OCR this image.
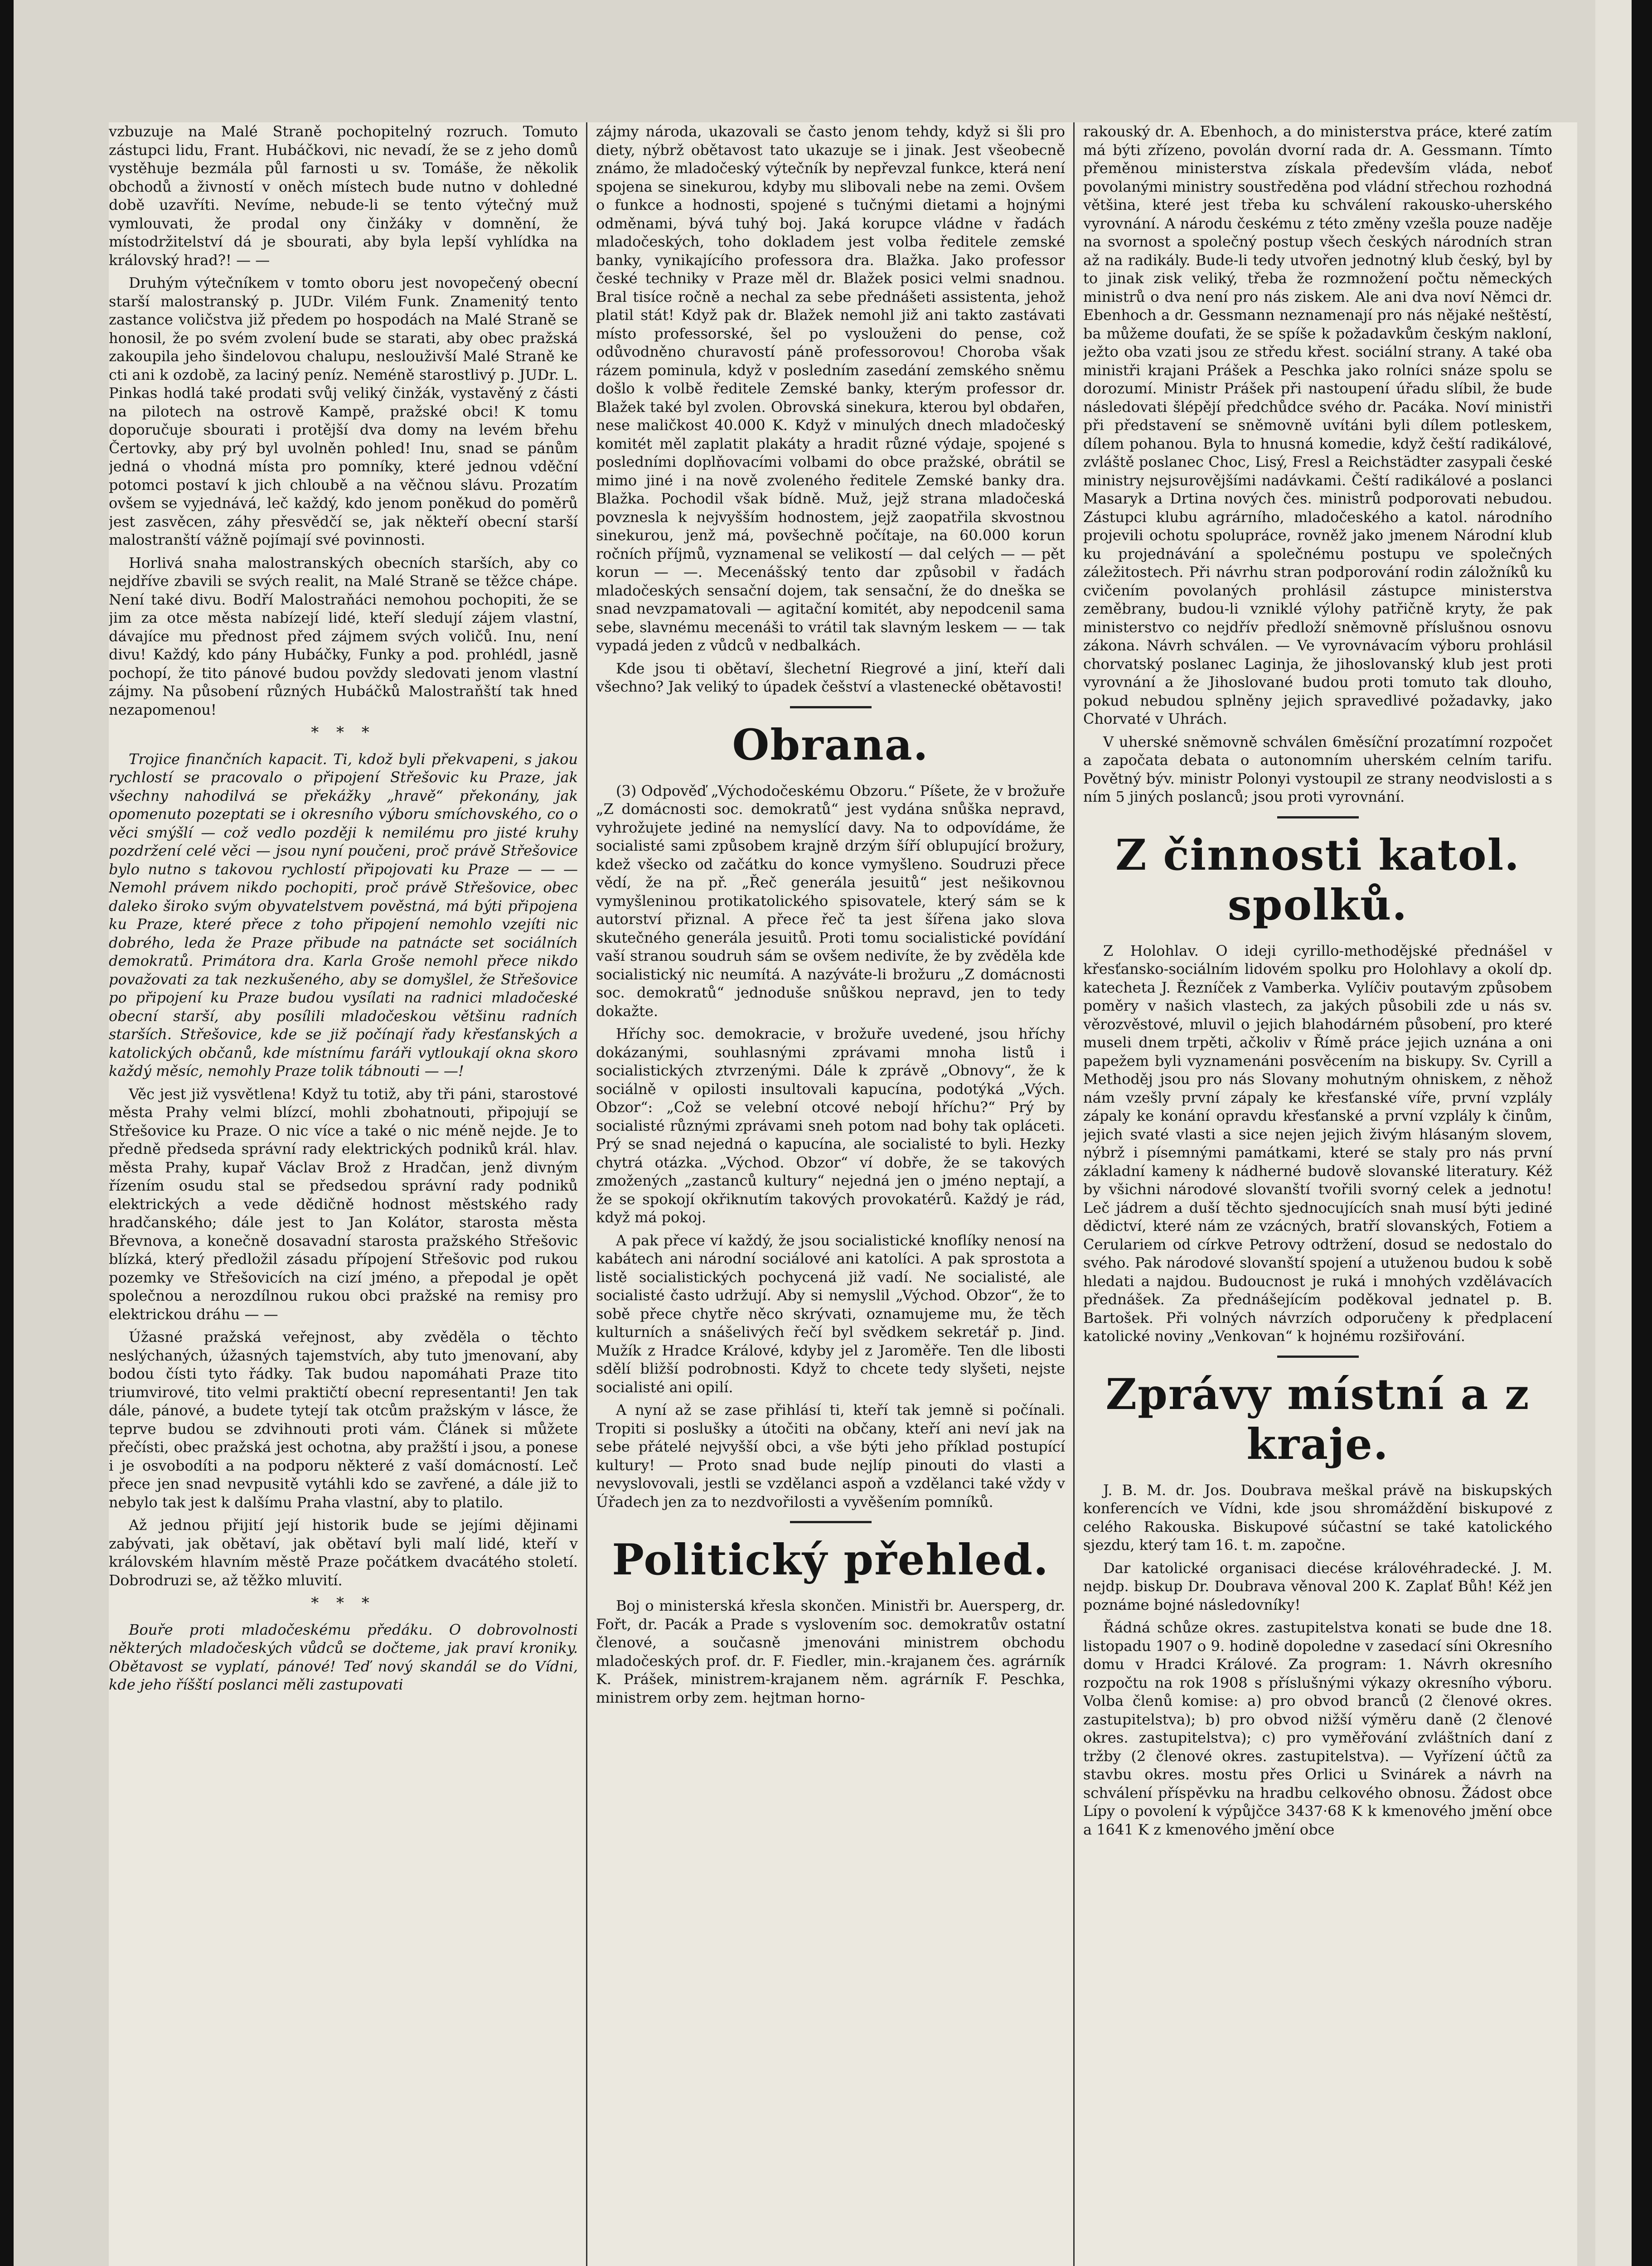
vzbuzuje na Malé Straně pochopitelný rozruch. Tomuto zástupci lidu, Frant. Hubáčkovi, nic nevadí, že se z jeho domů vystěhuje bezmála půl farnosti u sv. Tomáše, že několik obchodů a živností v oněch místech bude nutno v dohledné době uzavříti. Nevíme, nebude-li se tento výtečný muž vymlouvati, že prodal ony činžáky v domnění, že místodržitelství dá je sbourati, aby byla lepší vyhlídka na královský hrad?! — —

Druhým výtečníkem v tomto oboru jest novopečený obecní starší malostranský p. JUDr. Vilém Funk. Znamenitý tento zastance voličstva již předem po hospodách na Malé Straně se honosil, že po svém zvolení bude se starati, aby obec pražská zakoupila jeho šindelovou chalupu, neslouživší Malé Straně ke cti ani k ozdobě, za laciný peníz. Neméně starostlivý p. JUDr. L. Pinkas hodlá také prodati svůj veliký činžák, vystavěný z části na pilotech na ostrově Kampě, pražské obci! K tomu doporučuje sbourati i protější dva domy na levém břehu Čertovky, aby prý byl uvolněn pohled! Inu, snad se pánům jedná o vhodná místa pro pomníky, které jednou vděční potomci postaví k jich chloubě a na věčnou slávu. Prozatím ovšem se vyjednává, leč každý, kdo jenom poněkud do poměrů jest zasvěcen, záhy přesvědčí se, jak někteří obecní starší malostranští vážně pojímají své povinnosti.

Horlivá snaha malostranských obecních starších, aby co nejdříve zbavili se svých realit, na Malé Straně se těžce chápe. Není také divu. Bodří Malostraňáci nemohou pochopiti, že se jim za otce města nabízejí lidé, kteří sledují zájem vlastní, dávajíce mu přednost před zájmem svých voličů. Inu, není divu! Každý, kdo pány Hubáčky, Funky a pod. prohlédl, jasně pochopí, že tito pánové budou povždy sledovati jenom vlastní zájmy. Na působení různých Hubáčků Malostraňští tak hned nezapomenou!

* * *

Trojice finančních kapacit. Ti, kdož byli překvapeni, s jakou rychlostí se pracovalo o připojení Střešovic ku Praze, jak všechny nahodilvá se překážky „hravě“ překonány, jak opomenuto pozeptati se i okresního výboru smíchovského, co o věci smýšlí — což vedlo později k nemilému pro jisté kruhy pozdržení celé věci — jsou nyní poučeni, proč právě Střešovice bylo nutno s takovou rychlostí připojovati ku Praze — — — Nemohl právem nikdo pochopiti, proč právě Střešovice, obec daleko široko svým obyvatelstvem pověstná, má býti připojena ku Praze, které přece z toho připojení nemohlo vzejíti nic dobrého, leda že Praze přibude na patnácte set sociálních demokratů. Primátora dra. Karla Groše nemohl přece nikdo považovati za tak nezkušeného, aby se domyšlel, že Střešovice po připojení ku Praze budou vysílati na radnici mladočeské obecní starší, aby posílili mladočeskou většinu radních starších. Střešovice, kde se již počínají řady křesťanských a katolických občanů, kde místnímu faráři vytloukají okna skoro každý měsíc, nemohly Praze tolik tábnouti — —!

Věc jest již vysvětlena! Když tu totiž, aby tři páni, starostové města Prahy velmi blízcí, mohli zbohatnouti, připojují se Střešovice ku Praze. O nic více a také o nic méně nejde. Je to předně předseda správní rady elektrických podniků král. hlav. města Prahy, kupař Václav Brož z Hradčan, jenž divným řízením osudu stal se předsedou správní rady podniků elektrických a vede dědičně hodnost městského rady hradčanského; dále jest to Jan Kolátor, starosta města Břevnova, a konečně dosavadní starosta pražského Střešovic blízká, který předložil zásadu přípojení Střešovic pod rukou pozemky ve Střešovicích na cizí jméno, a přepodal je opět společnou a nerozdílnou rukou obci pražské na remisy pro elektrickou dráhu — —

Úžasné pražská veřejnost, aby zvěděla o těchto neslýchaných, úžasných tajemstvích, aby tuto jmenovaní, aby bodou čísti tyto řádky. Tak budou napomáhati Praze tito triumvirové, tito velmi praktičtí obecní representanti! Jen tak dále, pánové, a budete tytejí tak otcům pražským v lásce, že teprve budou se zdvihnouti proti vám. Článek si můžete přečísti, obec pražská jest ochotna, aby pražští i jsou, a ponese i je osvobodíti a na podporu některé z vaší domácností. Leč přece jen snad nevpusitě vytáhli kdo se zavřené, a dále již to nebylo tak jest k dalšímu Praha vlastní, aby to platilo.

Až jednou přijití její historik bude se jejími dějinami zabývati, jak obětaví, jak obětaví byli malí lidé, kteří v královském hlavním městě Praze počátkem dvacátého století. Dobrodruzi se, až těžko mluvití.

* * *

Bouře proti mladočeskému předáku. O dobrovolnosti některých mladočeských vůdců se dočteme, jak praví kroniky. Obětavost se vyplatí, pánové! Teď nový skandál se do Vídni, kde jeho říšští poslanci měli zastupovati

zájmy národa, ukazovali se často jenom tehdy, když si šli pro diety, nýbrž obětavost tato ukazuje se i jinak. Jest všeobecně známo, že mladočeský výtečník by nepřevzal funkce, která není spojena se sinekurou, kdyby mu slibovali nebe na zemi. Ovšem o funkce a hodnosti, spojené s tučnými dietami a hojnými odměnami, bývá tuhý boj. Jaká korupce vládne v řadách mladočeských, toho dokladem jest volba ředitele zemské banky, vynikajícího professora dra. Blažka. Jako professor české techniky v Praze měl dr. Blažek posici velmi snadnou. Bral tisíce ročně a nechal za sebe přednášeti assistenta, jehož platil stát! Když pak dr. Blažek nemohl již ani takto zastávati místo professorské, šel po vyslouženi do pense, což odůvodněno churavostí páně professorovou! Choroba však rázem pominula, když v posledním zasedání zemského sněmu došlo k volbě ředitele Zemské banky, kterým professor dr. Blažek také byl zvolen. Obrovská sinekura, kterou byl obdařen, nese maličkost 40.000 K. Když v minulých dnech mladočeský komitét měl zaplatit plakáty a hradit různé výdaje, spojené s posledními doplňovacími volbami do obce pražské, obrátil se mimo jiné i na nově zvoleného ředitele Zemské banky dra. Blažka. Pochodil však bídně. Muž, jejž strana mladočeská povznesla k nejvyšším hodnostem, jejž zaopatřila skvostnou sinekurou, jenž má, povšechně počítaje, na 60.000 korun ročních příjmů, vyznamenal se velikostí — dal celých — — pět korun — —. Mecenášský tento dar způsobil v řadách mladočeských sensační dojem, tak sensační, že do dneška se snad nevzpamatovali — agitační komitét, aby nepodcenil sama sebe, slavnému mecenáši to vrátil tak slavným leskem — — tak vypadá jeden z vůdců v nedbalkách.

Kde jsou ti obětaví, šlechetní Riegrové a jiní, kteří dali všechno? Jak veliký to úpadek češství a vlastenecké obětavosti!

Obrana.

(3) Odpověď „Východočeskému Obzoru.“ Píšete, že v brožuře „Z domácnosti soc. demokratů“ jest vydána snůška nepravd, vyhrožujete jediné na nemyslící davy. Na to odpovídáme, že socialisté sami způsobem krajně drzým šíří oblupující brožury, kdež všecko od začátku do konce vymyšleno. Soudruzi přece vědí, že na př. „Řeč generála jesuitů“ jest nešikovnou vymyšleninou protikatolického spisovatele, který sám se k autorství přiznal. A přece řeč ta jest šířena jako slova skutečného generála jesuitů. Proti tomu socialistické povídání vaší stranou soudruh sám se ovšem nedivíte, že by zvěděla kde socialistický nic neumítá. A nazýváte-li brožuru „Z domácnosti soc. demokratů“ jednoduše snůškou nepravd, jen to tedy dokažte.

Hříchy soc. demokracie, v brožuře uvedené, jsou hříchy dokázanými, souhlasnými zprávami mnoha listů i socialistických ztvrzenými. Dále k zprávě „Obnovy“, že k sociálně v opilosti insultovali kapucína, podotýká „Vých. Obzor“: „Což se velební otcové nebojí hříchu?“ Prý by socialisté různými zprávami sneh potom nad bohy tak opláceti. Prý se snad nejedná o kapucína, ale socialisté to byli. Hezky chytrá otázka. „Východ. Obzor“ ví dobře, že se takových zmožených „zastanců kultury“ nejedná jen o jméno neptají, a že se spokojí okřiknutím takových provokatérů. Každý je rád, když má pokoj.

A pak přece ví každý, že jsou socialistické knoflíky nenosí na kabátech ani národní sociálové ani katolíci. A pak sprostota a listě socialistických pochycená již vadí. Ne socialisté, ale socialisté často udržují. Aby si nemyslil „Východ. Obzor“, že to sobě přece chytře něco skrývati, oznamujeme mu, že těch kulturních a snášelivých řečí byl svědkem sekretář p. Jind. Mužík z Hradce Králové, kdyby jel z Jaroměře. Ten dle libosti sdělí bližší podrobnosti. Když to chcete tedy slyšeti, nejste socialisté ani opilí.

A nyní až se zase přihlásí ti, kteří tak jemně si počínali. Tropiti si poslušky a útočiti na občany, kteří ani neví jak na sebe přátelé nejvyšší obci, a vše býti jeho příklad postupící kultury! — Proto snad bude nejlíp pinouti do vlasti a nevyslovovali, jestli se vzdělanci aspoň a vzdělanci také vždy v Úřadech jen za to nezdvořilosti a vyvěšením pomníků.

Politický přehled.

Boj o ministerská křesla skončen. Ministři br. Auersperg, dr. Fořt, dr. Pacák a Prade s vyslovením soc. demokratův ostatní členové, a současně jmenováni ministrem obchodu mladočeských prof. dr. F. Fiedler, min.-krajanem čes. agrárník K. Prášek, ministrem-krajanem něm. agrárník F. Peschka, ministrem orby zem. hejtman horno-

rakouský dr. A. Ebenhoch, a do ministerstva práce, které zatím má býti zřízeno, povolán dvorní rada dr. A. Gessmann. Tímto přeměnou ministerstva získala především vláda, neboť povolanými ministry soustředěna pod vládní střechou rozhodná většina, které jest třeba ku schválení rakousko-uherského vyrovnání. A národu českému z této změny vzešla pouze naděje na svornost a společný postup všech českých národních stran až na radikály. Bude-li tedy utvořen jednotný klub český, byl by to jinak zisk veliký, třeba že rozmnožení počtu německých ministrů o dva není pro nás ziskem. Ale ani dva noví Němci dr. Ebenhoch a dr. Gessmann neznamenají pro nás nějaké neštěstí, ba můžeme doufati, že se spíše k požadavkům českým nakloní, ježto oba vzati jsou ze středu křest. sociální strany. A také oba ministři krajani Prášek a Peschka jako rolníci snáze spolu se dorozumí. Ministr Prášek při nastoupení úřadu slíbil, že bude následovati šlépějí předchůdce svého dr. Pacáka. Noví ministři při představení se sněmovně uvítáni byli dílem potleskem, dílem pohanou. Byla to hnusná komedie, když čeští radikálové, zvláště poslanec Choc, Lisý, Fresl a Reichstädter zasypali české ministry nejsurovějšími nadávkami. Čeští radikálové a poslanci Masaryk a Drtina nových čes. ministrů podporovati nebudou. Zástupci klubu agrárního, mladočeského a katol. národního projevili ochotu spolupráce, rovněž jako jmenem Národní klub ku projednávání a společnému postupu ve společných záležitostech. Při návrhu stran podporování rodin záložníků ku cvičením povolaných prohlásil zástupce ministerstva zeměbrany, budou-li vzniklé výlohy patřičně kryty, že pak ministerstvo co nejdřív předloží sněmovně příslušnou osnovu zákona. Návrh schválen. — Ve vyrovnávacím výboru prohlásil chorvatský poslanec Laginja, že jihoslovanský klub jest proti vyrovnání a že Jihoslované budou proti tomuto tak dlouho, pokud nebudou splněny jejich spravedlivé požadavky, jako Chorvaté v Uhrách.

V uherské sněmovně schválen 6měsíční prozatímní rozpočet a započata debata o autonomním uherském celním tarifu. Povětný býv. ministr Polonyi vystoupil ze strany neodvislosti a s ním 5 jiných poslanců; jsou proti vyrovnání.

Z činnosti katol. spolků.

Z Holohlav. O ideji cyrillo-methodějské přednášel v křesťansko-sociálním lidovém spolku pro Holohlavy a okolí dp. katecheta J. Řezníček z Vamberka. Vylíčiv poutavým způsobem poměry v našich vlastech, za jakých působili zde u nás sv. věrozvěstové, mluvil o jejich blahodárném působení, pro které museli dnem trpěti, ačkoliv v Římě práce jejich uznána a oni papežem byli vyznamenáni posvěcením na biskupy. Sv. Cyrill a Methoděj jsou pro nás Slovany mohutným ohniskem, z něhož nám vzešly první zápaly ke křesťanské víře, první vzplály zápaly ke konání opravdu křesťanské a první vzplály k činům, jejich svaté vlasti a sice nejen jejich živým hlásaným slovem, nýbrž i písemnými památkami, které se staly pro nás první základní kameny k nádherné budově slovanské literatury. Kéž by všichni národové slovanští tvořili svorný celek a jednotu! Leč jádrem a duší těchto sjednocujících snah musí býti jediné dědictví, které nám ze vzácných, bratří slovanských, Fotiem a Cerulariem od církve Petrovy odtržení, dosud se nedostalo do svého. Pak národové slovanští spojení a utuženou budou k sobě hledati a najdou. Budoucnost je ruká i mnohých vzdělávacích přednášek. Za přednášejícím poděkoval jednatel p. B. Bartošek. Při volných návrzích odporučeny k předplacení katolické noviny „Venkovan“ k hojnému rozšiřování.

Zprávy místní a z kraje.

J. B. M. dr. Jos. Doubrava meškal právě na biskupských konferencích ve Vídni, kde jsou shromáždění biskupové z celého Rakouska. Biskupové súčastní se také katolického sjezdu, který tam 16. t. m. započne.

Dar katolické organisaci diecése královéhradecké. J. M. nejdp. biskup Dr. Doubrava věnoval 200 K. Zaplať Bůh! Kéž jen poznáme bojné následovníky!

Řádná schůze okres. zastupitelstva konati se bude dne 18. listopadu 1907 o 9. hodině dopoledne v zasedací síni Okresního domu v Hradci Králové. Za program: 1. Návrh okresního rozpočtu na rok 1908 s příslušnými výkazy okresního výboru. Volba členů komise: a) pro obvod branců (2 členové okres. zastupitelstva); b) pro obvod nižší výměru daně (2 členové okres. zastupitelstva); c) pro vyměřování zvláštních daní z tržby (2 členové okres. zastupitelstva). — Vyřízení účtů za stavbu okres. mostu přes Orlici u Svinárek a návrh na schválení příspěvku na hradbu celkového obnosu. Žádost obce Lípy o povolení k výpůjčce 3437·68 K k kmenového jmění obce a 1641 K z kmenového jmění obce
